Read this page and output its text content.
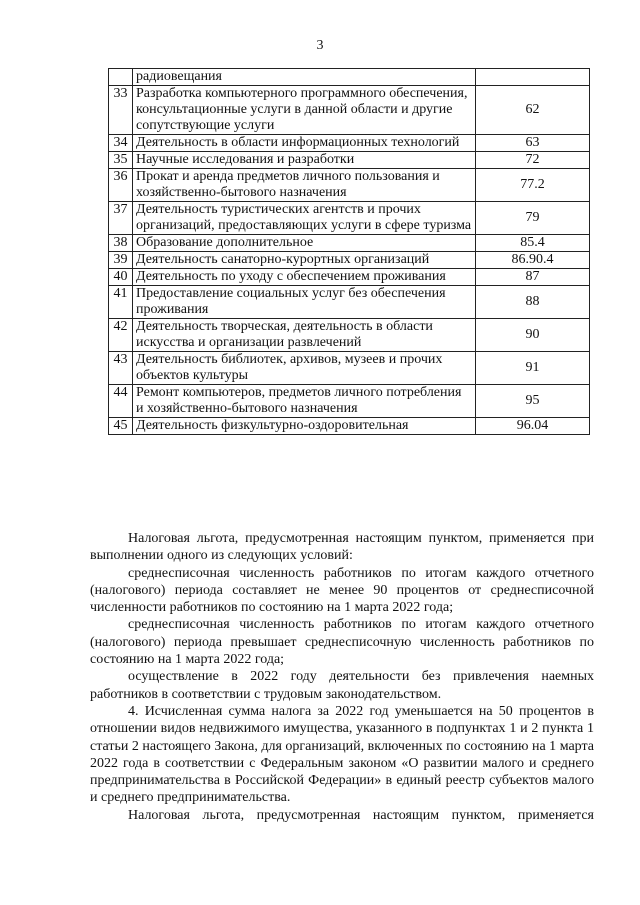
3
	радиовещания	
33	Разработка компьютерного программного обеспечения, консультационные услуги в данной области и другие сопутствующие услуги	62
34	Деятельность в области информационных технологий	63
35	Научные исследования и разработки	72
36	Прокат и аренда предметов личного пользования и хозяйственно-бытового назначения	77.2
37	Деятельность туристических агентств и прочих организаций, предоставляющих услуги в сфере туризма	79
38	Образование дополнительное	85.4
39	Деятельность санаторно-курортных организаций	86.90.4
40	Деятельность по уходу с обеспечением проживания	87
41	Предоставление социальных услуг без обеспечения проживания	88
42	Деятельность творческая, деятельность в области искусства и организации развлечений	90
43	Деятельность библиотек, архивов, музеев и прочих объектов культуры	91
44	Ремонт компьютеров, предметов личного потребления и хозяйственно-бытового назначения	95
45	Деятельность физкультурно-оздоровительная	96.04

Налоговая льгота, предусмотренная настоящим пунктом, применяется при выполнении одного из следующих условий:

среднесписочная численность работников по итогам каждого отчетного (налогового) периода составляет не менее 90 процентов от среднесписочной численности работников по состоянию на 1 марта 2022 года;

среднесписочная численность работников по итогам каждого отчетного (налогового) периода превышает среднесписочную численность работников по состоянию на 1 марта 2022 года;

осуществление в 2022 году деятельности без привлечения наемных работников в соответствии с трудовым законодательством.

4. Исчисленная сумма налога за 2022 год уменьшается на 50 процентов в отношении видов недвижимого имущества, указанного в подпунктах 1 и 2 пункта 1 статьи 2 настоящего Закона, для организаций, включенных по состоянию на 1 марта 2022 года в соответствии с Федеральным законом «О развитии малого и среднего предпринимательства в Российской Федерации» в единый реестр субъектов малого и среднего предпринимательства.

Налоговая льгота, предусмотренная настоящим пунктом, применяется
